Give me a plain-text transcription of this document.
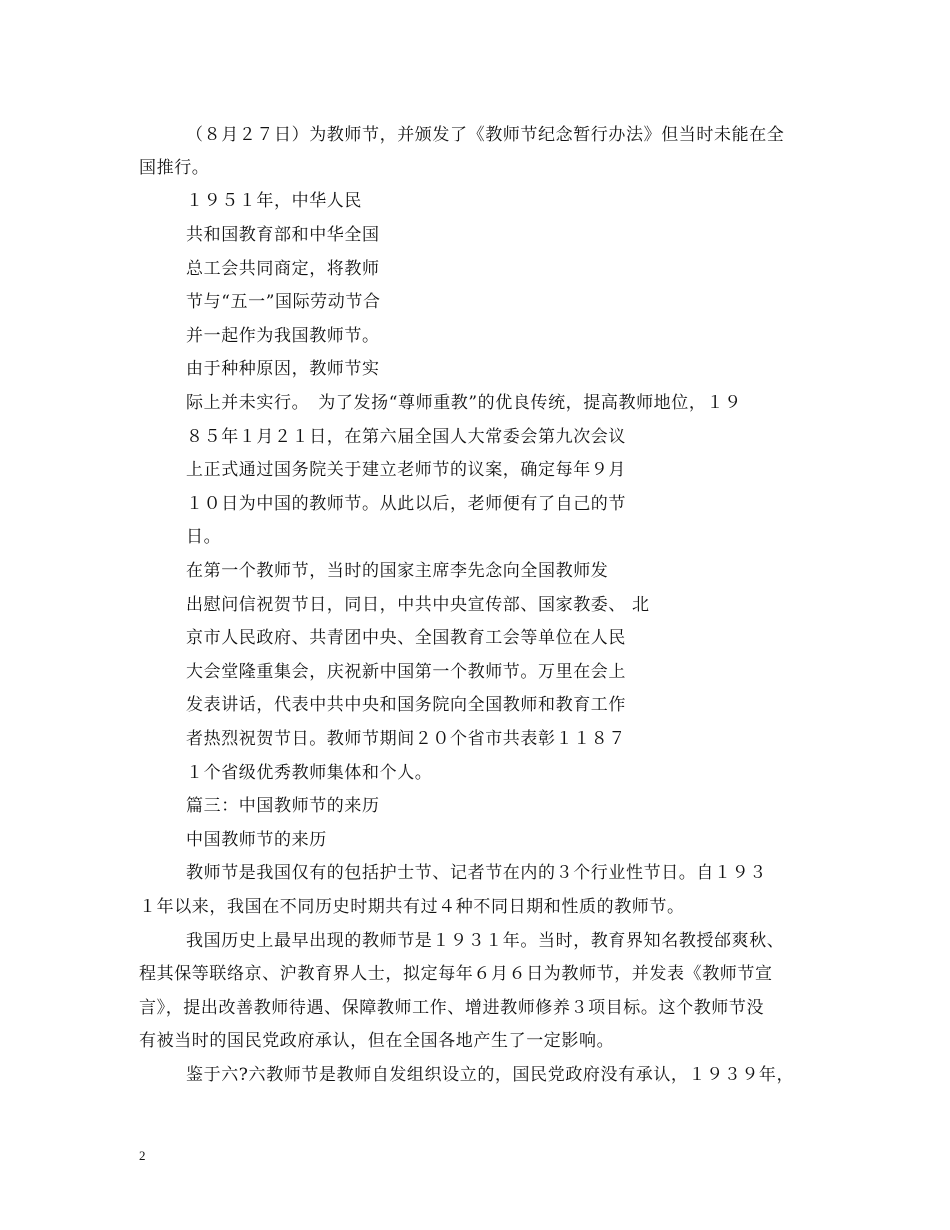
（８月２７日）为教师节，并颁发了《教师节纪念暂行办法》但当时未能在全
国推行。
１９５１年，中华人民
共和国教育部和中华全国
总工会共同商定，将教师
节与“五一”国际劳动节合
并一起作为我国教师节。
由于种种原因，教师节实
际上并未实行。　为了发扬“尊师重教”的优良传统，提高教师地位，１９
８５年１月２１日，在第六届全国人大常委会第九次会议
上正式通过国务院关于建立老师节的议案，确定每年９月
１０日为中国的教师节。从此以后，老师便有了自己的节
日。
在第一个教师节，当时的国家主席李先念向全国教师发
出慰问信祝贺节日，同日，中共中央宣传部、国家教委、 北
京市人民政府、共青团中央、全国教育工会等单位在人民
大会堂隆重集会，庆祝新中国第一个教师节。万里在会上
发表讲话，代表中共中央和国务院向全国教师和教育工作
者热烈祝贺节日。教师节期间２０个省市共表彰１１８７
１个省级优秀教师集体和个人。
篇三：中国教师节的来历
中国教师节的来历
教师节是我国仅有的包括护士节、记者节在内的３个行业性节日。自１９３
１年以来，我国在不同历史时期共有过４种不同日期和性质的教师节。
我国历史上最早出现的教师节是１９３１年。当时，教育界知名教授邰爽秋、
程其保等联络京、沪教育界人士，拟定每年６月６日为教师节，并发表《教师节宣
言》，提出改善教师待遇、保障教师工作、增进教师修养３项目标。这个教师节没
有被当时的国民党政府承认，但在全国各地产生了一定影响。
鉴于六?六教师节是教师自发组织设立的，国民党政府没有承认，１９３９年，
2
